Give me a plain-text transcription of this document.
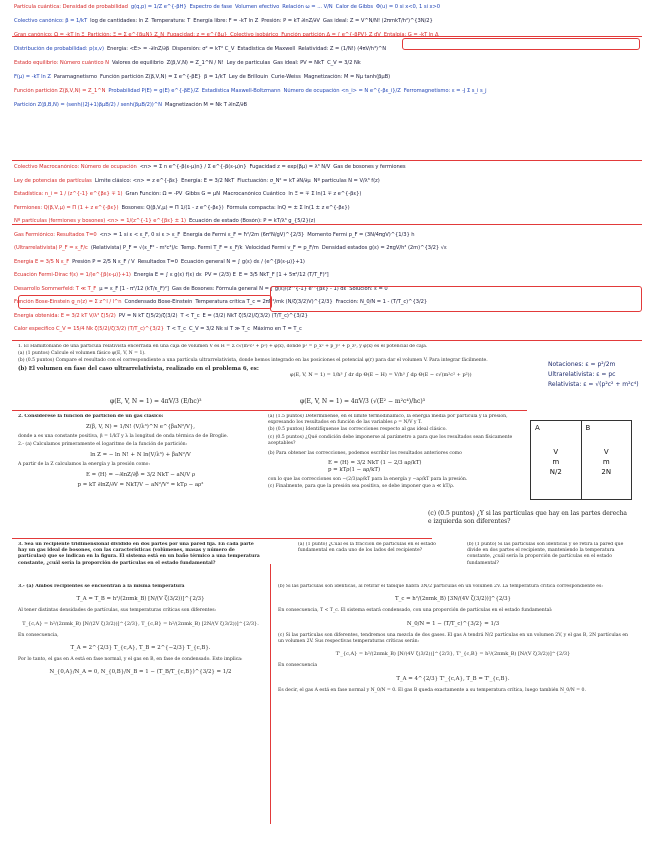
Partícula cuántica: Densidad de probabilidad g(q,p) = 1/Z e^{-βH} Espectro de fase Volumen efectivo Relación ω = ... V/N Calor de Gibbs Φ(u) = 0 si x<0, 1 si x>0
Colectivo canónico: β = 1/kT log de cantidades: ln Z Temperatura: T Energía libre: F = -kT ln Z Presión: P = kT ∂lnZ/∂V Gas ideal: Z = V^N/N! (2πmkT/h²)^{3N/2}
Gran canónico: Ω = -kT ln Ξ Partición: Ξ = Σ e^{βμN} Z_N Fugacidad: z = e^{βμ} Colectivo isobárico Función partición Δ = ∫ e^{-βPV} Z dV Entalpía: G = -kT ln Δ
Distribución de probabilidad: p(x,v) Energía: <E> = -∂lnZ/∂β Dispersión: σ² = kT² C_V Estadística de Maxwell Relatividad: Z = (1/N!) (4πV/h³)^N
Estado equilibrio: Número cuántico N Valores de equilibrio Z(β,V,N) = Z_1^N / N! Ley de partículas Gas ideal: PV = NkT C_V = 3/2 Nk
F(µ) = -kT ln Z Paramagnetismo Función partición Z(β,V,N) = Σ e^{-βE} β = 1/kT Ley de Brillouin Curie-Weiss Magnetización: M = Nµ tanh(βµB)
Función partición Z(β,V,N) = Z_1^N Probabilidad P(E) = g(E) e^{-βE}/Z Estadística Maxwell-Boltzmann Número de ocupación <n_i> = N e^{-βε_i}/Z Ferromagnetismo: ε = -J Σ s_i s_j
Partición Z(β,B,N) = (senh((2J+1)βµB/2) / senh(βµB/2))^N Magnetización M = Nk T ∂lnZ/∂B
Colectivo Macrocanónico: Número de ocupación <n> = Σ n e^{-β(ε-µ)n} / Σ e^{-β(ε-µ)n} Fugacidad z = exp(βµ) = λ³ N/V Gas de bosones y fermiones
Ley de potencias de partículas Límite clásico: <n> = z e^{-βε} Energía: E = 3/2 NkT Fluctuación: σ_N² = kT ∂N/∂µ Nº partículas N = V/λ³ f(z)
Estadística: n_i = 1 / (z^{-1} e^{βε} ∓ 1) Gran Función: Ω = -PV Gibbs G = µN Macrocanónico Cuántico ln Ξ = ∓ Σ ln(1 ∓ z e^{-βε})
Fermiones: Q(β,V,µ) = Π (1 + z e^{-βε}) Bosones: Q(β,V,µ) = Π 1/(1 - z e^{-βε}) Fórmula compacta: lnQ = ± Σ ln(1 ± z e^{-βε})
Nº partículas (fermiones y bosones) <n> = 1/(z^{-1} e^{βε} ± 1) Ecuación de estado (Bosón): P = kT/λ³ g_{5/2}(z)
Gas Fermiónico: Resultados T=0 <n> = 1 si ε < ε_F, 0 si ε > ε_F Energía de Fermi ε_F = ħ²/2m (6π²N/gV)^{2/3} Momento Fermi p_F = (3N/4πgV)^{1/3} h
(Ultrarrelativista) P_F = ε_F/c (Relativista) P_F = √(ε_F² - m²c⁴)/c Temp. Fermi T_F = ε_F/k Velocidad Fermi v_F = p_F/m Densidad estados g(ε) = 2πgV/h³ (2m)^{3/2} √ε
Energía E = 3/5 N ε_F Presión P = 2/5 N ε_F / V Resultados T=0 Ecuación general N = ∫ g(ε) dε / (e^{β(ε-µ)}+1)
Ecuación Fermi-Dirac f(ε) = 1/(e^{β(ε-µ)}+1) Energía E = ∫ ε g(ε) f(ε) dε PV = (2/3) E E = 3/5 NkT_F [1 + 5π²/12 (T/T_F)²]
Desarrollo Sommerfeld: T ≪ T_F µ = ε_F [1 - π²/12 (kT/ε_F)²] Gas de Bosones: Fórmula general N = ∫ g(ε)/(z^{-1} e^{βε} - 1) dε Solución: ε = 0
Función Bose-Einstein g_n(z) = Σ z^l / l^n Condensado Bose-Einstein Temperatura crítica T_c = 2πħ²/mk (N/ζ(3/2)V)^{2/3} Fracción: N_0/N = 1 - (T/T_c)^{3/2}
Energía obtenida: E = 3/2 kT V/λ³ ζ(5/2) PV = N kT ζ(5/2)/ζ(3/2) T < T_c E = (3/2) NkT ζ(5/2)/ζ(3/2) (T/T_c)^{3/2}
Calor específico C_V = 15/4 Nk ζ(5/2)/ζ(3/2) (T/T_c)^{3/2} T < T_c C_V = 3/2 Nk si T ≫ T_c Máximo en T = T_c

1. El Hamiltoniano de una partícula relativista encerrada en una caja de volumen V es H = Σ c√(m²c² + p²) + φ(x), donde p² = p_x² + p_y² + p_z², y φ(x) es el potencial de caja.

(a) (1 puntos) Calcule el volumen fásico φ(E, V, N = 1).

(b) (0.5 puntos) Compare el resultado con el correspondiente a una partícula ultrarrelativista, donde hemos integrado en las posiciones el potencial φ(r) para dar el volumen V. Para integrar fácilmente.

(b) El volumen en fase del caso ultrarrelativista, realizado en el problema 6, es:

φ(E, V, N = 1) = 1/h³ ∫ dr dp Θ(E − H) = V/h³ ∫ dp Θ(E − c√(m²c² + p²))
φ(E, V, N = 1) = 4πV/3 (E/hc)³	φ(E, V, N = 1) = 4πV/3 (√(E² − m²c⁴)/hc)³
Notaciones: ε = p²/2m
Ultrarelativista: ε = pc
Relativista: ε = √(p²c² + m²c⁴)

2. Considérese la función de partición de un gas clásico:

Z(β, V, N) = 1/N! (V/λ³)^N e^{βaN²/V},

donde a es una constante positiva, β = 1/kT y λ la longitud de onda térmica de de Broglie.

2.- (a) Calculamos primeramente el logaritmo de la función de partición:

ln Z = − ln N! + N ln(V/λ³) + βaN²/V

A partir de la Z calculamos la energía y la presión como:

E = ⟨H⟩ = −∂lnZ/∂β = 3/2 NkT − aN/V ρ

p = kT ∂lnZ/∂V = NkT/V − aN²/V² = kTρ − aρ²

(a) (1.5 puntos) Determínense, en el límite termodinámico, la energía media por partícula y la presión, expresando los resultados en función de las variables ρ = N/V y T.

(b) (0.5 puntos) Identifíquense las correcciones respecto al gas ideal clásico.

(c) (0.5 puntos) ¿Qué condición debe imponerse al parámetro a para que los resultados sean físicamente aceptables?

(b) Para obtener las correcciones, podemos escribir los resultados anteriores como

E = ⟨H⟩ = 3/2 NkT (1 − 2/3 aρ/kT)

p = kTρ(1 − aρ/kT)

con lo que las correcciones son −(2/3)aρ/kT para la energía y −aρ/kT para la presión.

(c) Finalmente, para que la presión sea positiva, se debe imponer que a ≪ kT/ρ.

(c) (0.5 puntos) ¿Y si las partículas que hay en las partes derecha e izquierda son diferentes?

A
V
m
N/2
B
V
m
2N

3. Sea un recipiente tridimensional dividido en dos partes por una pared fija. En cada parte hay un gas ideal de bosones, con las características (volúmenes, masas y número de partículas) que se indican en la figura. El sistema está en un baño térmico a una temperatura constante, ¿cuál sería la proporción de partículas en el estado fundamental?

(a) (1 punto) ¿Cuál es la fracción de partículas en el estado fundamental en cada uno de los lados del recipiente?

(b) (1 punto) Si las partículas son idénticas y se retira la pared que divide en dos partes el recipiente, manteniendo la temperatura constante, ¿cuál sería la proporción de partículas en el estado fundamental?

3.- (a) Ambos recipientes se encuentran a la misma temperatura

T_A = T_B = h²/(2πmk_B) [N/(V ζ(3/2))]^{2/3}

Al tener distintas densidades de partículas, sus temperaturas críticas son diferentes:

T_{c,A} = h²/(2πmk_B) [N/(2V ζ(3/2))]^{2/3}, T_{c,B} = h²/(2πmk_B) [2N/(V ζ(3/2))]^{2/3}.

En consecuencia,

T_A = 2^{2/3} T_{c,A}, T_B = 2^{−2/3} T_{c,B}.

Por lo tanto, el gas en A está en fase normal, y el gas en B, en fase de condensado. Esto implica:

N_{0,A}/N_A = 0, N_{0,B}/N_B = 1 − (T_B/T_{c,B})^{3/2} = 1/2

(b) Si las partículas son idénticas, al retirar el tabique habrá 3N/2 partículas en un volumen 2V. La temperatura crítica correspondiente es:

T_c = h²/(2πmk_B) [3N/(4V ζ(3/2))]^{2/3}

En consecuencia, T < T_c. El sistema estará condensado, con una proporción de partículas en el estado fundamental:

N_0/N = 1 − (T/T_c)^{3/2} = 1/3

(c) Si las partículas son diferentes, tendremos una mezcla de dos gases. El gas A tendrá N/2 partículas en un volumen 2V, y el gas B, 2N partículas en un volumen 2V. Sus respectivas temperaturas críticas serán:

T'_{c,A} = h²/(2πmk_B) [N/(4V ζ(3/2))]^{2/3}, T'_{c,B} = h²/(2πmk_B) [N/(V ζ(3/2))]^{2/3}

En consecuencia

T_A = 4^{2/3} T'_{c,A}, T_B = T'_{c,B}.

Es decir, el gas A está en fase normal y N_0/N = 0. El gas B queda exactamente a su temperatura crítica, luego también N_0/N = 0.
